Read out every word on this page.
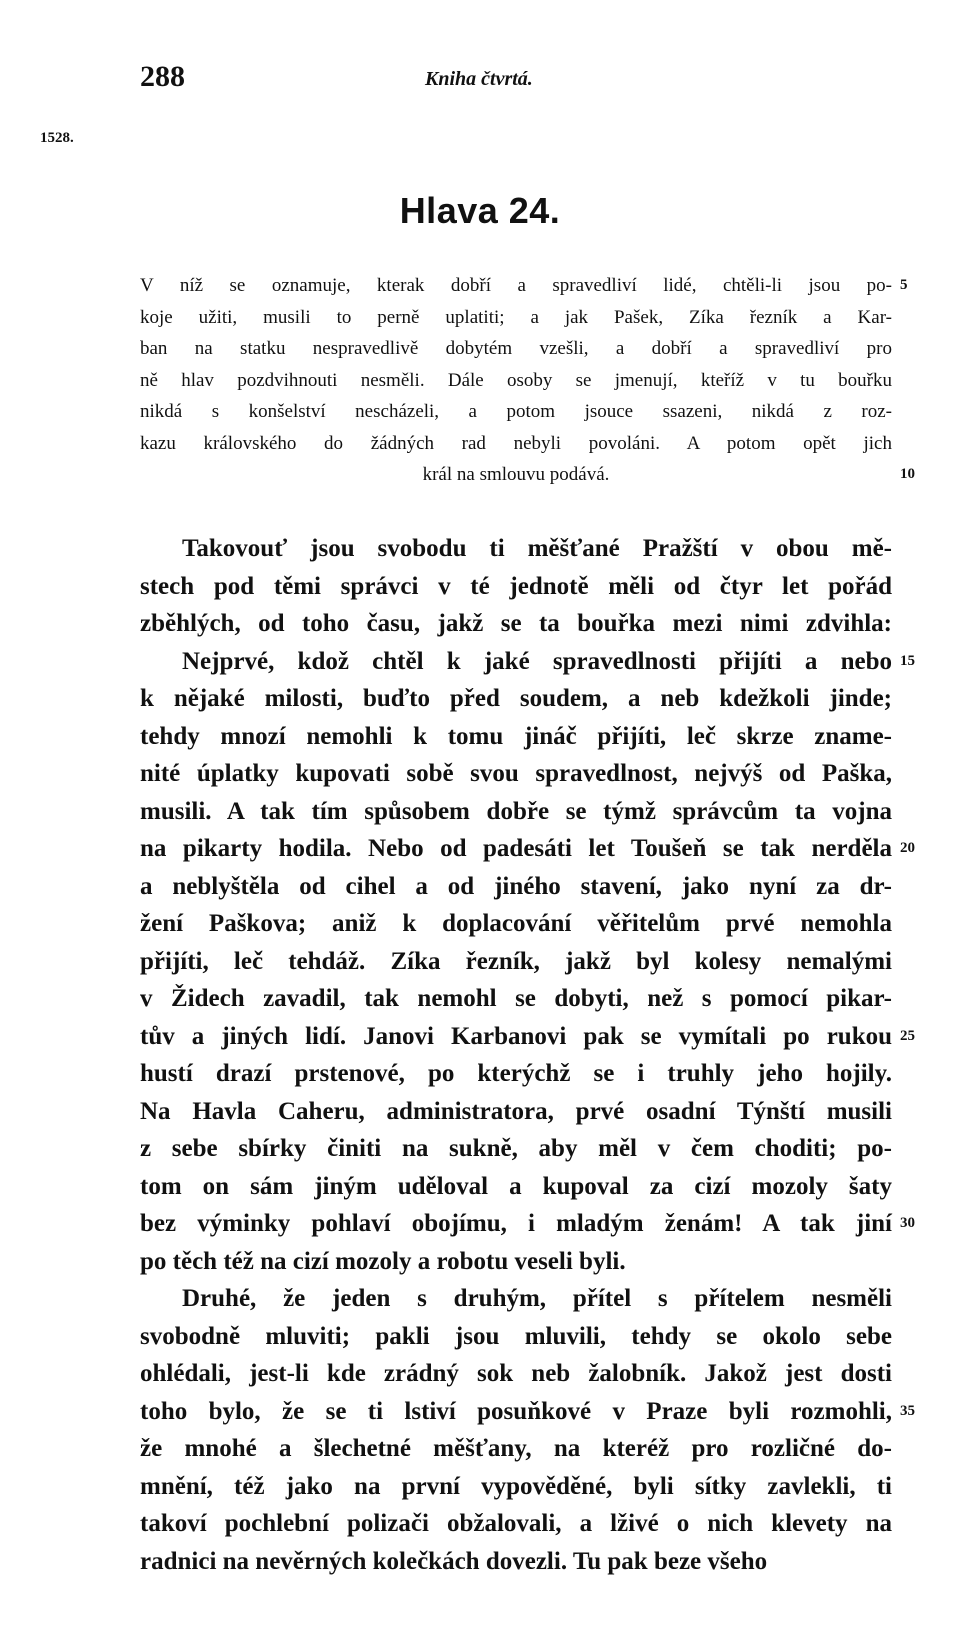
288	Kniha čtvrtá.
1528.
Hlava 24.
V níž se oznamuje, kterak dobří a spravedliví lidé, chtěli-li jsou po- 5
koje užiti, musili to perně uplatiti; a jak Pašek, Zíka řezník a Kar-
ban na statku nespravedlivě dobytém vzešli, a dobří a spravedliví pro
ně hlav pozdvihnouti nesměli. Dále osoby se jmenují, kteříž v tu bouřku
nikdá s konšelství nescházeli, a potom jsouce ssazeni, nikdá z roz-
kazu královského do žádných rad nebyli povoláni. A potom opět jich
král na smlouvu podává.	10
Takovouť jsou svobodu ti měšťané Pražští v obou mě-
stech pod těmi správci v té jednotě měli od čtyr let pořád
zběhlých, od toho času, jakž se ta bouřka mezi nimi zdvihla:
Nejprvé, kdož chtěl k jaké spravedlnosti přijíti a nebo 15
k nějaké milosti, buďto před soudem, a neb kdežkoli jinde;
tehdy mnozí nemohli k tomu jináč přijíti, leč skrze zname-
nité úplatky kupovati sobě svou spravedlnost, nejvýš od Paška,
musili. A tak tím spůsobem dobře se týmž správcům ta vojna
na pikarty hodila. Nebo od padesáti let Toušeň se tak nerděla 20
a neblyštěla od cihel a od jiného stavení, jako nyní za dr-
žení Paškova; aniž k doplacování věřitelům prvé nemohla
přijíti, leč tehdáž. Zíka řezník, jakž byl kolesy nemalými
v Židech zavadil, tak nemohl se dobyti, než s pomocí pikar-
tův a jiných lidí. Janovi Karbanovi pak se vymítali po rukou 25
hustí drazí prstenové, po kterýchž se i truhly jeho hojily.
Na Havla Caheru, administratora, prvé osadní Týnští musili
z sebe sbírky činiti na sukně, aby měl v čem choditi; po-
tom on sám jiným uděloval a kupoval za cizí mozoly šaty
bez výminky pohlaví obojímu, i mladým ženám! A tak jiní 30
po těch též na cizí mozoly a robotu veseli byli.
Druhé, že jeden s druhým, přítel s přítelem nesměli
svobodně mluviti; pakli jsou mluvili, tehdy se okolo sebe
ohlédali, jest-li kde zrádný sok neb žalobník. Jakož jest dosti
toho bylo, že se ti lstiví posuňkové v Praze byli rozmohli, 35
že mnohé a šlechetné měšťany, na kteréž pro rozličné do-
mnění, též jako na první vypověděné, byli sítky zavlekli, ti
takoví pochlební polizači obžalovali, a lživé o nich klevety na
radnici na nevěrných kolečkách dovezli. Tu pak beze všeho
